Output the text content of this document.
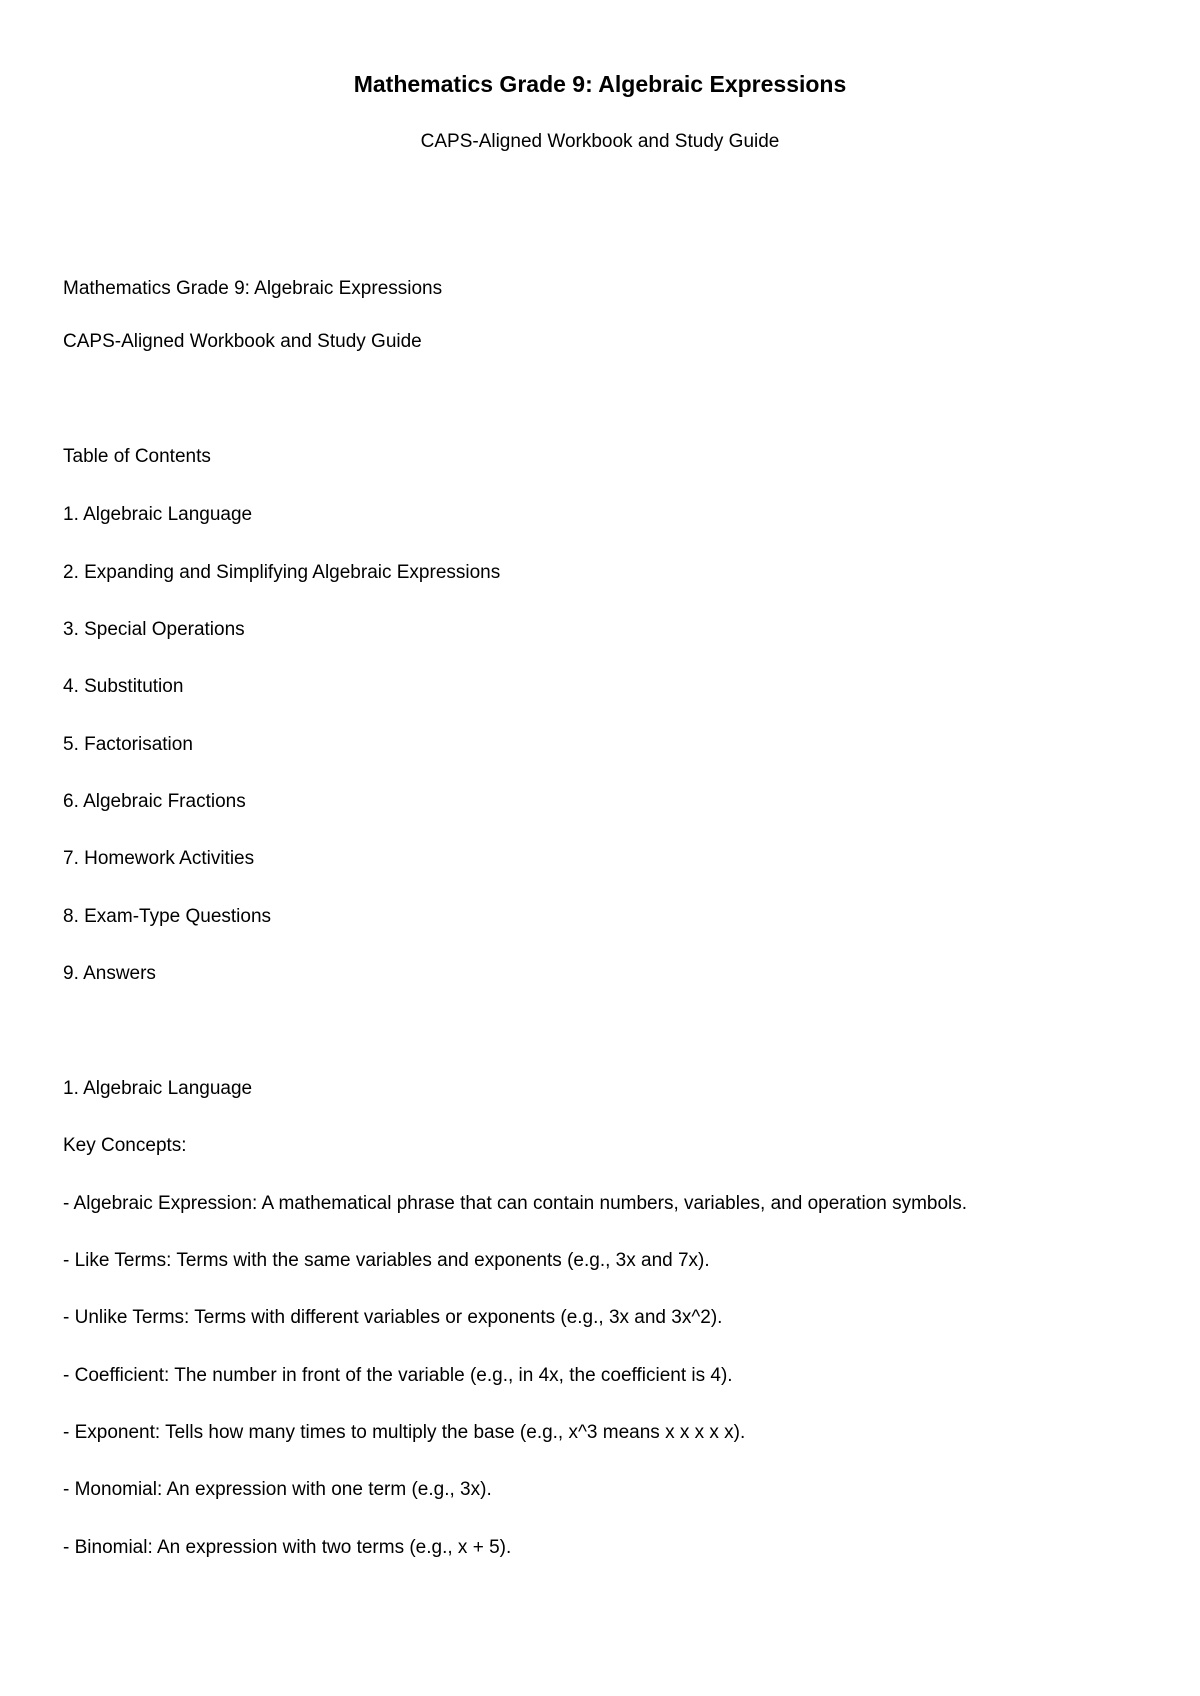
Mathematics Grade 9: Algebraic Expressions

CAPS-Aligned Workbook and Study Guide

Mathematics Grade 9: Algebraic Expressions

CAPS-Aligned Workbook and Study Guide

Table of Contents

1. Algebraic Language

2. Expanding and Simplifying Algebraic Expressions

3. Special Operations

4. Substitution

5. Factorisation

6. Algebraic Fractions

7. Homework Activities

8. Exam-Type Questions

9. Answers

1. Algebraic Language

Key Concepts:

- Algebraic Expression: A mathematical phrase that can contain numbers, variables, and operation symbols.

- Like Terms: Terms with the same variables and exponents (e.g., 3x and 7x).

- Unlike Terms: Terms with different variables or exponents (e.g., 3x and 3x^2).

- Coefficient: The number in front of the variable (e.g., in 4x, the coefficient is 4).

- Exponent: Tells how many times to multiply the base (e.g., x^3 means x x x x x).

- Monomial: An expression with one term (e.g., 3x).

- Binomial: An expression with two terms (e.g., x + 5).
